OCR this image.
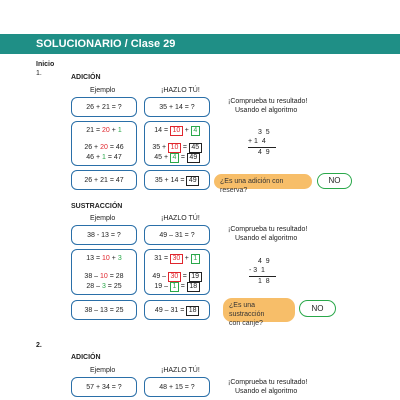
SOLUCIONARIO / Clase 29
Inicio
1.
ADICIÓN
Ejemplo	¡HAZLO TÚ!
26 + 21 = ?	35 + 14 = ?
21 = 20 + 1
26 + 20 = 46
46 + 1 = 47
14 = 10 + 4
35 + 10 = 45
45 + 4 = 49
26 + 21 = 47	35 + 14 = 49
¡Comprueba tu resultado!
Usando el algoritmo
3  5
+ 1  4
4  9
¿Es una adición con reserva?
NO
SUSTRACCIÓN
Ejemplo	¡HAZLO TÚ!
38 - 13 = ?	49 – 31 = ?
13 = 10 + 3
38 – 10 = 28
28 – 3 = 25
31 = 30 + 1
49 – 30 = 19
19 – 1 = 18
38 – 13 = 25	49 – 31 = 18
¡Comprueba tu resultado!
Usando el algoritmo
4  9
- 3  1
1  8
¿Es una sustracción
con canje?
NO
2.
ADICIÓN
Ejemplo	¡HAZLO TÚ!
57 + 34 = ?	48 + 15 = ?
¡Comprueba tu resultado!
Usando el algoritmo
